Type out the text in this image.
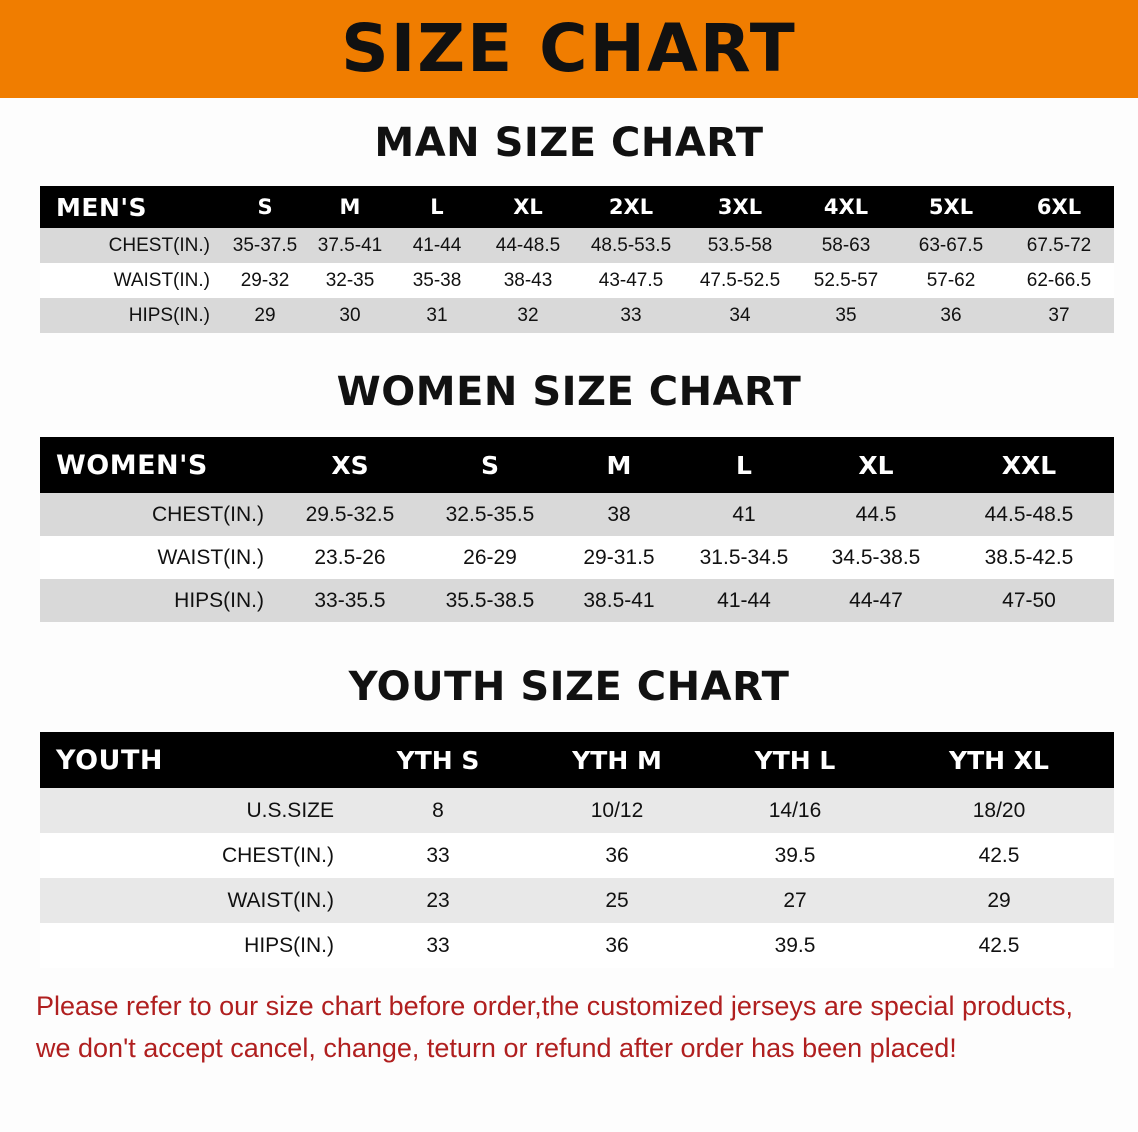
SIZE CHART
MAN SIZE CHART
MEN'S	S	M	L	XL	2XL	3XL	4XL	5XL	6XL
CHEST(IN.)	35-37.5	37.5-41	41-44	44-48.5	48.5-53.5	53.5-58	58-63	63-67.5	67.5-72
WAIST(IN.)	29-32	32-35	35-38	38-43	43-47.5	47.5-52.5	52.5-57	57-62	62-66.5
HIPS(IN.)	29	30	31	32	33	34	35	36	37
WOMEN SIZE CHART
WOMEN'S	XS	S	M	L	XL	XXL
CHEST(IN.)	29.5-32.5	32.5-35.5	38	41	44.5	44.5-48.5
WAIST(IN.)	23.5-26	26-29	29-31.5	31.5-34.5	34.5-38.5	38.5-42.5
HIPS(IN.)	33-35.5	35.5-38.5	38.5-41	41-44	44-47	47-50
YOUTH SIZE CHART
YOUTH		YTH S	YTH M	YTH L	YTH XL
U.S.SIZE		8	10/12	14/16	18/20
CHEST(IN.)		33	36	39.5	42.5
WAIST(IN.)		23	25	27	29
HIPS(IN.)		33	36	39.5	42.5
Please refer to our size chart before order,the customized jerseys are special products,
we don't accept cancel, change, teturn or refund after order has been placed!
